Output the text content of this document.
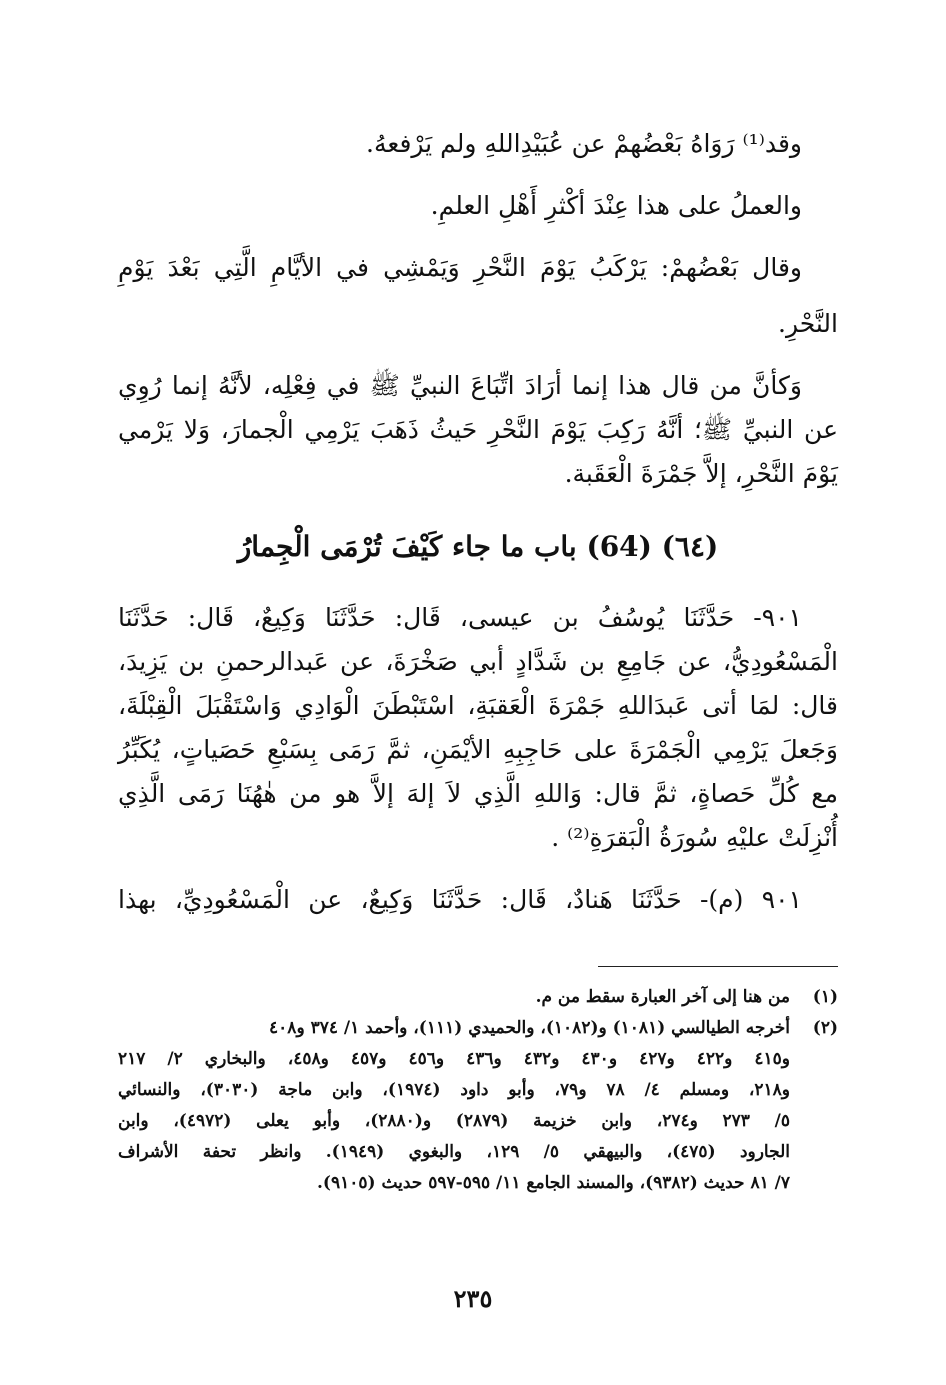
وقد⁽¹⁾ رَوَاهُ بَعْضُهمْ عن عُبَيْدِاللهِ ولم يَرْفعهُ.
والعملُ على هذا عِنْدَ أكْثرِ أَهْلِ العلمِ.
وقال بَعْضُهمْ: يَرْكَبُ يَوْمَ النَّحْرِ وَيَمْشِي في الأيَّامِ الَّتِي بَعْدَ يَوْمِ
النَّحْرِ.
وَكأنَّ من قال هذا إنما أرَادَ اتِّبَاعَ النبيِّ ﷺ في فِعْلِه، لأنَّهُ إنما رُوِي
عن النبيِّ ﷺ؛ أنَّهُ رَكِبَ يَوْمَ النَّحْرِ حَيثُ ذَهَبَ يَرْمِي الْجمارَ، وَلا يَرْمي
يَوْمَ النَّحْرِ، إلاَّ جَمْرَةَ الْعَقَبة.
(٦٤) (64) باب ما جاء كَيْفَ تُرْمَى الْجِمارُ
٩٠١- حَدَّثَنَا يُوسُفُ بن عيسى، قَال: حَدَّثَنَا وَكِيعٌ، قَال: حَدَّثَنَا
الْمَسْعُودِيُّ، عن جَامِعِ بن شَدَّادٍ أبي صَخْرَةَ، عن عَبدالرحمنِ بن يَزِيدَ،
قال: لمَا أتى عَبدَاللهِ جَمْرَةَ الْعَقبَةِ، اسْتَبْطَنَ الْوَادِي وَاسْتَقْبَلَ الْقِبْلَةَ،
وَجَعلَ يَرْمِي الْجَمْرَةَ على حَاجِبِهِ الأيْمَنِ، ثمَّ رَمَى بِسَبْعِ حَصَياتٍ، يُكَبِّرُ
مع كُلِّ حَصاةٍ، ثمَّ قال: وَاللهِ الَّذِي لاَ إلهَ إلاَّ هو من هٰهُنَا رَمَى الَّذِي
أُنْزِلَتْ عليْهِ سُورَةُ الْبَقرَةِ⁽²⁾ .
٩٠١ (م)- حَدَّثَنَا هَنادٌ، قَال: حَدَّثَنَا وَكِيعٌ، عن الْمَسْعُودِيِّ، بهذا
(١)من هنا إلى آخر العبارة سقط من م.
(٢)أخرجه الطيالسي (١٠٨١) و(١٠٨٢)، والحميدي (١١١)، وأحمد ١/ ٣٧٤ و٤٠٨
و٤١٥ و٤٢٢ و٤٢٧ و٤٣٠ و٤٣٢ و٤٣٦ و٤٥٦ و٤٥٧ و٤٥٨، والبخاري ٢/ ٢١٧
و٢١٨، ومسلم ٤/ ٧٨ و٧٩، وأبو داود (١٩٧٤)، وابن ماجة (٣٠٣٠)، والنسائي
٥/ ٢٧٣ و٢٧٤، وابن خزيمة (٢٨٧٩) و(٢٨٨٠)، وأبو يعلى (٤٩٧٢)، وابن
الجارود (٤٧٥)، والبيهقي ٥/ ١٢٩، والبغوي (١٩٤٩). وانظر تحفة الأشراف
٧/ ٨١ حديث (٩٣٨٢)، والمسند الجامع ١١/ ٥٩٥-٥٩٧ حديث (٩١٠٥).
٢٣٥
